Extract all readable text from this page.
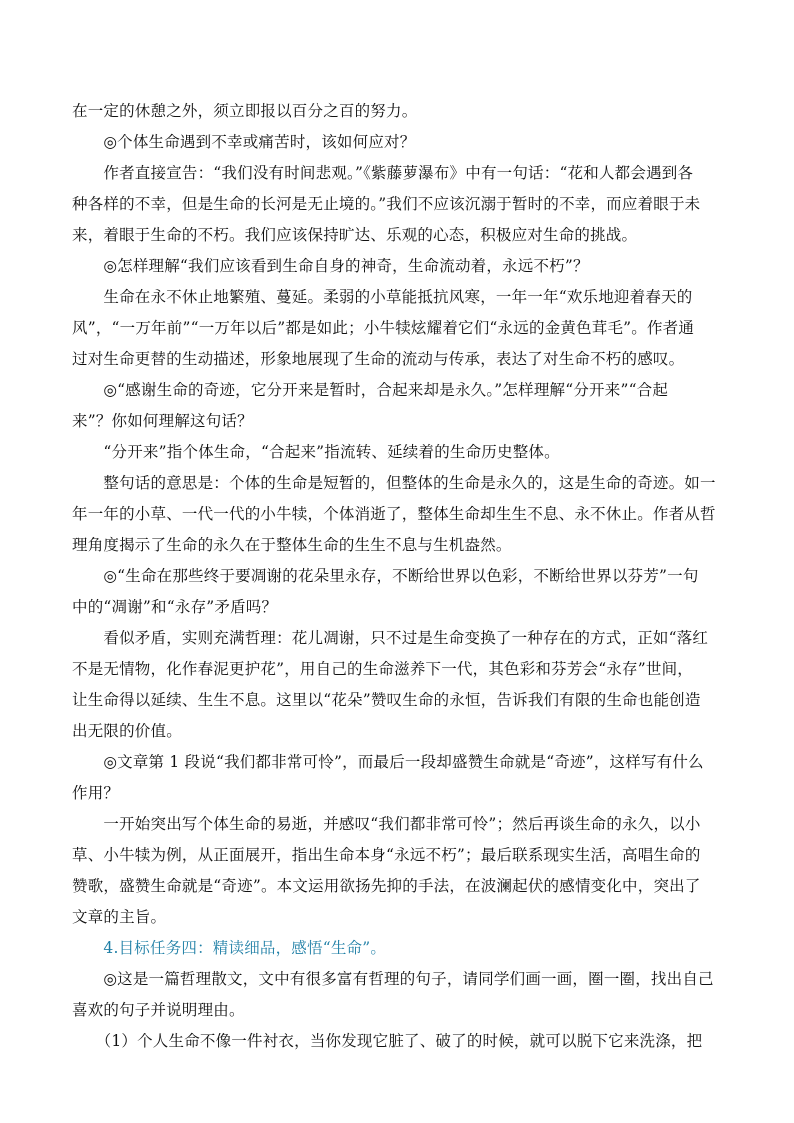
在一定的休憩之外，须立即报以百分之百的努力。

　　◎个体生命遇到不幸或痛苦时，该如何应对？

　　作者直接宣告：“我们没有时间悲观。”《紫藤萝瀑布》中有一句话：“花和人都会遇到各
种各样的不幸，但是生命的长河是无止境的。”我们不应该沉溺于暂时的不幸，而应着眼于未
来，着眼于生命的不朽。我们应该保持旷达、乐观的心态，积极应对生命的挑战。

　　◎怎样理解“我们应该看到生命自身的神奇，生命流动着，永远不朽”？

　　生命在永不休止地繁殖、蔓延。柔弱的小草能抵抗风寒，一年一年“欢乐地迎着春天的
风”，“一万年前”“一万年以后”都是如此；小牛犊炫耀着它们“永远的金黄色茸毛”。作者通
过对生命更替的生动描述，形象地展现了生命的流动与传承，表达了对生命不朽的感叹。

　　◎“感谢生命的奇迹，它分开来是暂时，合起来却是永久。”怎样理解“分开来”“合起
来”？你如何理解这句话？

　　“分开来”指个体生命，“合起来”指流转、延续着的生命历史整体。

　　整句话的意思是：个体的生命是短暂的，但整体的生命是永久的，这是生命的奇迹。如一
年一年的小草、一代一代的小牛犊，个体消逝了，整体生命却生生不息、永不休止。作者从哲
理角度揭示了生命的永久在于整体生命的生生不息与生机盎然。

　　◎“生命在那些终于要凋谢的花朵里永存，不断给世界以色彩，不断给世界以芬芳”一句
中的“凋谢”和“永存”矛盾吗？

　　看似矛盾，实则充满哲理：花儿凋谢，只不过是生命变换了一种存在的方式，正如“落红
不是无情物，化作春泥更护花”，用自己的生命滋养下一代，其色彩和芬芳会“永存”世间，
让生命得以延续、生生不息。这里以“花朵”赞叹生命的永恒，告诉我们有限的生命也能创造
出无限的价值。

　　◎文章第 1 段说“我们都非常可怜”，而最后一段却盛赞生命就是“奇迹”，这样写有什么
作用？

　　一开始突出写个体生命的易逝，并感叹“我们都非常可怜”；然后再谈生命的永久，以小
草、小牛犊为例，从正面展开，指出生命本身“永远不朽”；最后联系现实生活，高唱生命的
赞歌，盛赞生命就是“奇迹”。本文运用欲扬先抑的手法，在波澜起伏的感情变化中，突出了
文章的主旨。

　　4.目标任务四：精读细品，感悟“生命”。

　　◎这是一篇哲理散文，文中有很多富有哲理的句子，请同学们画一画，圈一圈，找出自己
喜欢的句子并说明理由。

　　（1）个人生命不像一件衬衣，当你发现它脏了、破了的时候，就可以脱下它来洗涤，把
